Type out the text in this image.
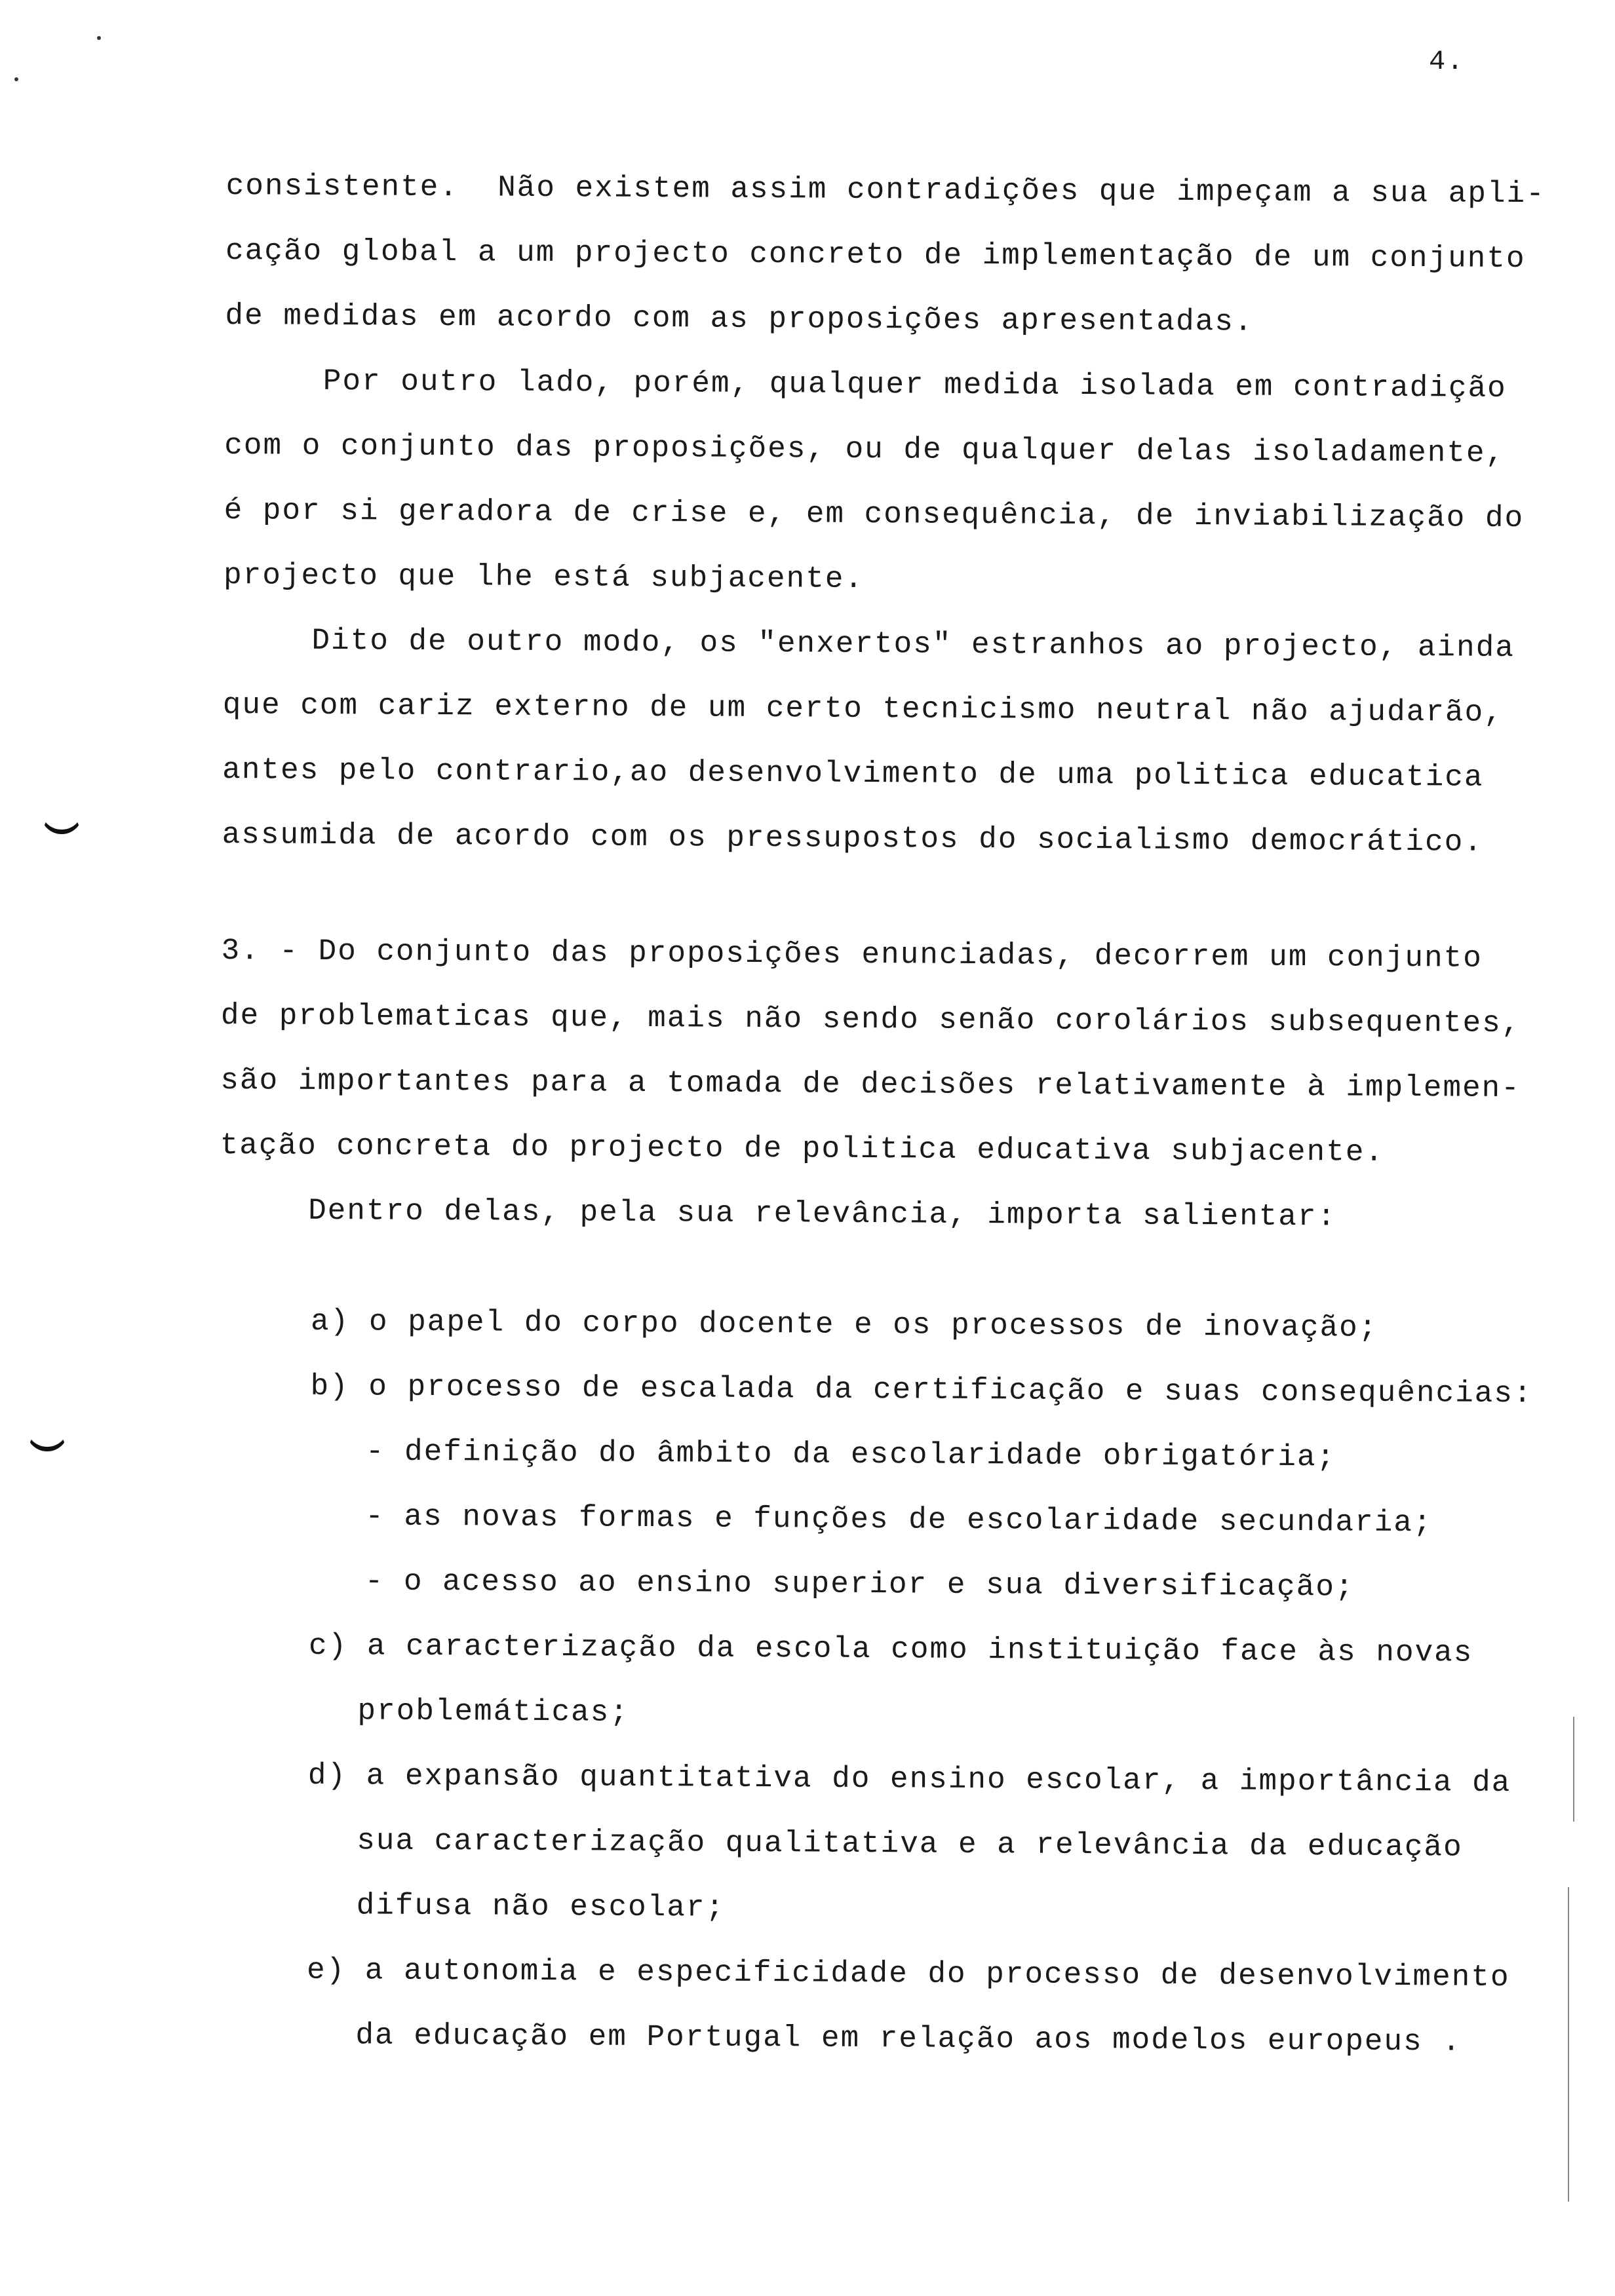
4.
consistente.  Não existem assim contradições que impeçam a sua apli-
cação global a um projecto concreto de implementação de um conjunto
de medidas em acordo com as proposições apresentadas.
Por outro lado, porém, qualquer medida isolada em contradição
com o conjunto das proposições, ou de qualquer delas isoladamente,
é por si geradora de crise e, em consequência, de inviabilização do
projecto que lhe está subjacente.
Dito de outro modo, os "enxertos" estranhos ao projecto, ainda
que com cariz externo de um certo tecnicismo neutral não ajudarão,
antes pelo contrario,ao desenvolvimento de uma politica educatica
assumida de acordo com os pressupostos do socialismo democrático.
3. - Do conjunto das proposições enunciadas, decorrem um conjunto
de problematicas que, mais não sendo senão corolários subsequentes,
são importantes para a tomada de decisões relativamente à implemen-
tação concreta do projecto de politica educativa subjacente.
Dentro delas, pela sua relevância, importa salientar:
a) o papel do corpo docente e os processos de inovação;
b) o processo de escalada da certificação e suas consequências:
- definição do âmbito da escolaridade obrigatória;
- as novas formas e funções de escolaridade secundaria;
- o acesso ao ensino superior e sua diversificação;
c) a caracterização da escola como instituição face às novas
problemáticas;
d) a expansão quantitativa do ensino escolar, a importância da
sua caracterização qualitativa e a relevância da educação
difusa não escolar;
e) a autonomia e especificidade do processo de desenvolvimento
da educação em Portugal em relação aos modelos europeus .
